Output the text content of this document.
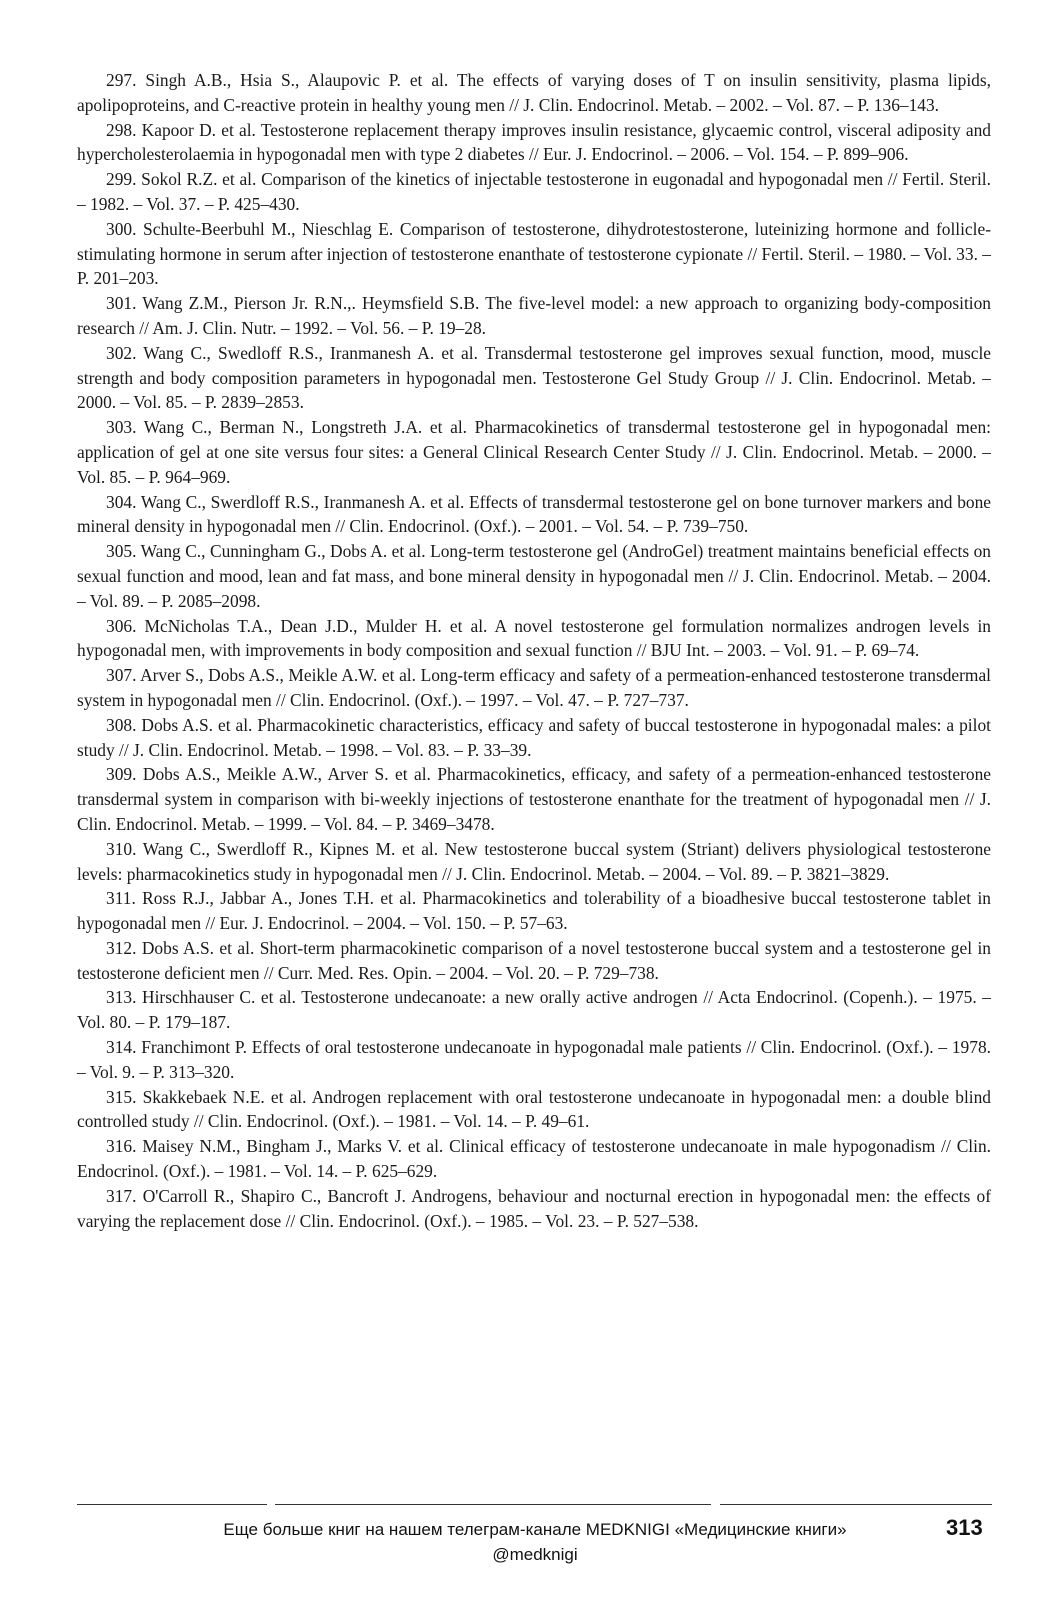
297. Singh A.B., Hsia S., Alaupovic P. et al. The effects of varying doses of T on insulin sensitivity, plasma lipids, apolipoproteins, and C-reactive protein in healthy young men // J. Clin. Endocrinol. Metab. – 2002. – Vol. 87. – P. 136–143.

298. Kapoor D. et al. Testosterone replacement therapy improves insulin resistance, glycaemic control, visceral adiposity and hypercholesterolaemia in hypogonadal men with type 2 diabetes // Eur. J. Endocrinol. – 2006. – Vol. 154. – P. 899–906.

299. Sokol R.Z. et al. Comparison of the kinetics of injectable testosterone in eugonadal and hypogonadal men // Fertil. Steril. – 1982. – Vol. 37. – P. 425–430.

300. Schulte-Beerbuhl M., Nieschlag E. Comparison of testosterone, dihydrotestosterone, luteinizing hormone and follicle-stimulating hormone in serum after injection of testosterone enanthate of testosterone cypionate // Fertil. Steril. – 1980. – Vol. 33. – P. 201–203.

301. Wang Z.M., Pierson Jr. R.N.,. Heymsfield S.B. The five-level model: a new approach to organizing body-composition research // Am. J. Clin. Nutr. – 1992. – Vol. 56. – P. 19–28.

302. Wang C., Swedloff R.S., Iranmanesh A. et al. Transdermal testosterone gel improves sexual function, mood, muscle strength and body composition parameters in hypogonadal men. Testosterone Gel Study Group // J. Clin. Endocrinol. Metab. – 2000. – Vol. 85. – P. 2839–2853.

303. Wang C., Berman N., Longstreth J.A. et al. Pharmacokinetics of transdermal testosterone gel in hypogonadal men: application of gel at one site versus four sites: a General Clinical Research Center Study // J. Clin. Endocrinol. Metab. – 2000. – Vol. 85. – P. 964–969.

304. Wang C., Swerdloff R.S., Iranmanesh A. et al. Effects of transdermal testosterone gel on bone turnover markers and bone mineral density in hypogonadal men // Clin. Endocrinol. (Oxf.). – 2001. – Vol. 54. – P. 739–750.

305. Wang C., Cunningham G., Dobs A. et al. Long-term testosterone gel (AndroGel) treatment maintains beneficial effects on sexual function and mood, lean and fat mass, and bone mineral density in hypogonadal men // J. Clin. Endocrinol. Metab. – 2004. – Vol. 89. – P. 2085–2098.

306. McNicholas T.A., Dean J.D., Mulder H. et al. A novel testosterone gel formulation normalizes androgen levels in hypogonadal men, with improvements in body composition and sexual function // BJU Int. – 2003. – Vol. 91. – P. 69–74.

307. Arver S., Dobs A.S., Meikle A.W. et al. Long-term efficacy and safety of a permeation-enhanced testosterone transdermal system in hypogonadal men // Clin. Endocrinol. (Oxf.). – 1997. – Vol. 47. – P. 727–737.

308. Dobs A.S. et al. Pharmacokinetic characteristics, efficacy and safety of buccal testosterone in hypogonadal males: a pilot study // J. Clin. Endocrinol. Metab. – 1998. – Vol. 83. – P. 33–39.

309. Dobs A.S., Meikle A.W., Arver S. et al. Pharmacokinetics, efficacy, and safety of a permeation-enhanced testosterone transdermal system in comparison with bi-weekly injections of testosterone enanthate for the treatment of hypogonadal men // J. Clin. Endocrinol. Metab. – 1999. – Vol. 84. – P. 3469–3478.

310. Wang C., Swerdloff R., Kipnes M. et al. New testosterone buccal system (Striant) delivers physiological testosterone levels: pharmacokinetics study in hypogonadal men // J. Clin. Endocrinol. Metab. – 2004. – Vol. 89. – P. 3821–3829.

311. Ross R.J., Jabbar A., Jones T.H. et al. Pharmacokinetics and tolerability of a bioadhesive buccal testosterone tablet in hypogonadal men // Eur. J. Endocrinol. – 2004. – Vol. 150. – P. 57–63.

312. Dobs A.S. et al. Short-term pharmacokinetic comparison of a novel testosterone buccal system and a testosterone gel in testosterone deficient men // Curr. Med. Res. Opin. – 2004. – Vol. 20. – P. 729–738.

313. Hirschhauser C. et al. Testosterone undecanoate: a new orally active androgen // Acta Endocrinol. (Copenh.). – 1975. – Vol. 80. – P. 179–187.

314. Franchimont P. Effects of oral testosterone undecanoate in hypogonadal male patients // Clin. Endocrinol. (Oxf.). – 1978. – Vol. 9. – P. 313–320.

315. Skakkebaek N.E. et al. Androgen replacement with oral testosterone undecanoate in hypogonadal men: a double blind controlled study // Clin. Endocrinol. (Oxf.). – 1981. – Vol. 14. – P. 49–61.

316. Maisey N.M., Bingham J., Marks V. et al. Clinical efficacy of testosterone undecanoate in male hypogonadism // Clin. Endocrinol. (Oxf.). – 1981. – Vol. 14. – P. 625–629.

317. O'Carroll R., Shapiro C., Bancroft J. Androgens, behaviour and nocturnal erection in hypogonadal men: the effects of varying the replacement dose // Clin. Endocrinol. (Oxf.). – 1985. – Vol. 23. – P. 527–538.

Еще больше книг на нашем телеграм-канале MEDKNIGI «Медицинские книги»
@medknigi
313
